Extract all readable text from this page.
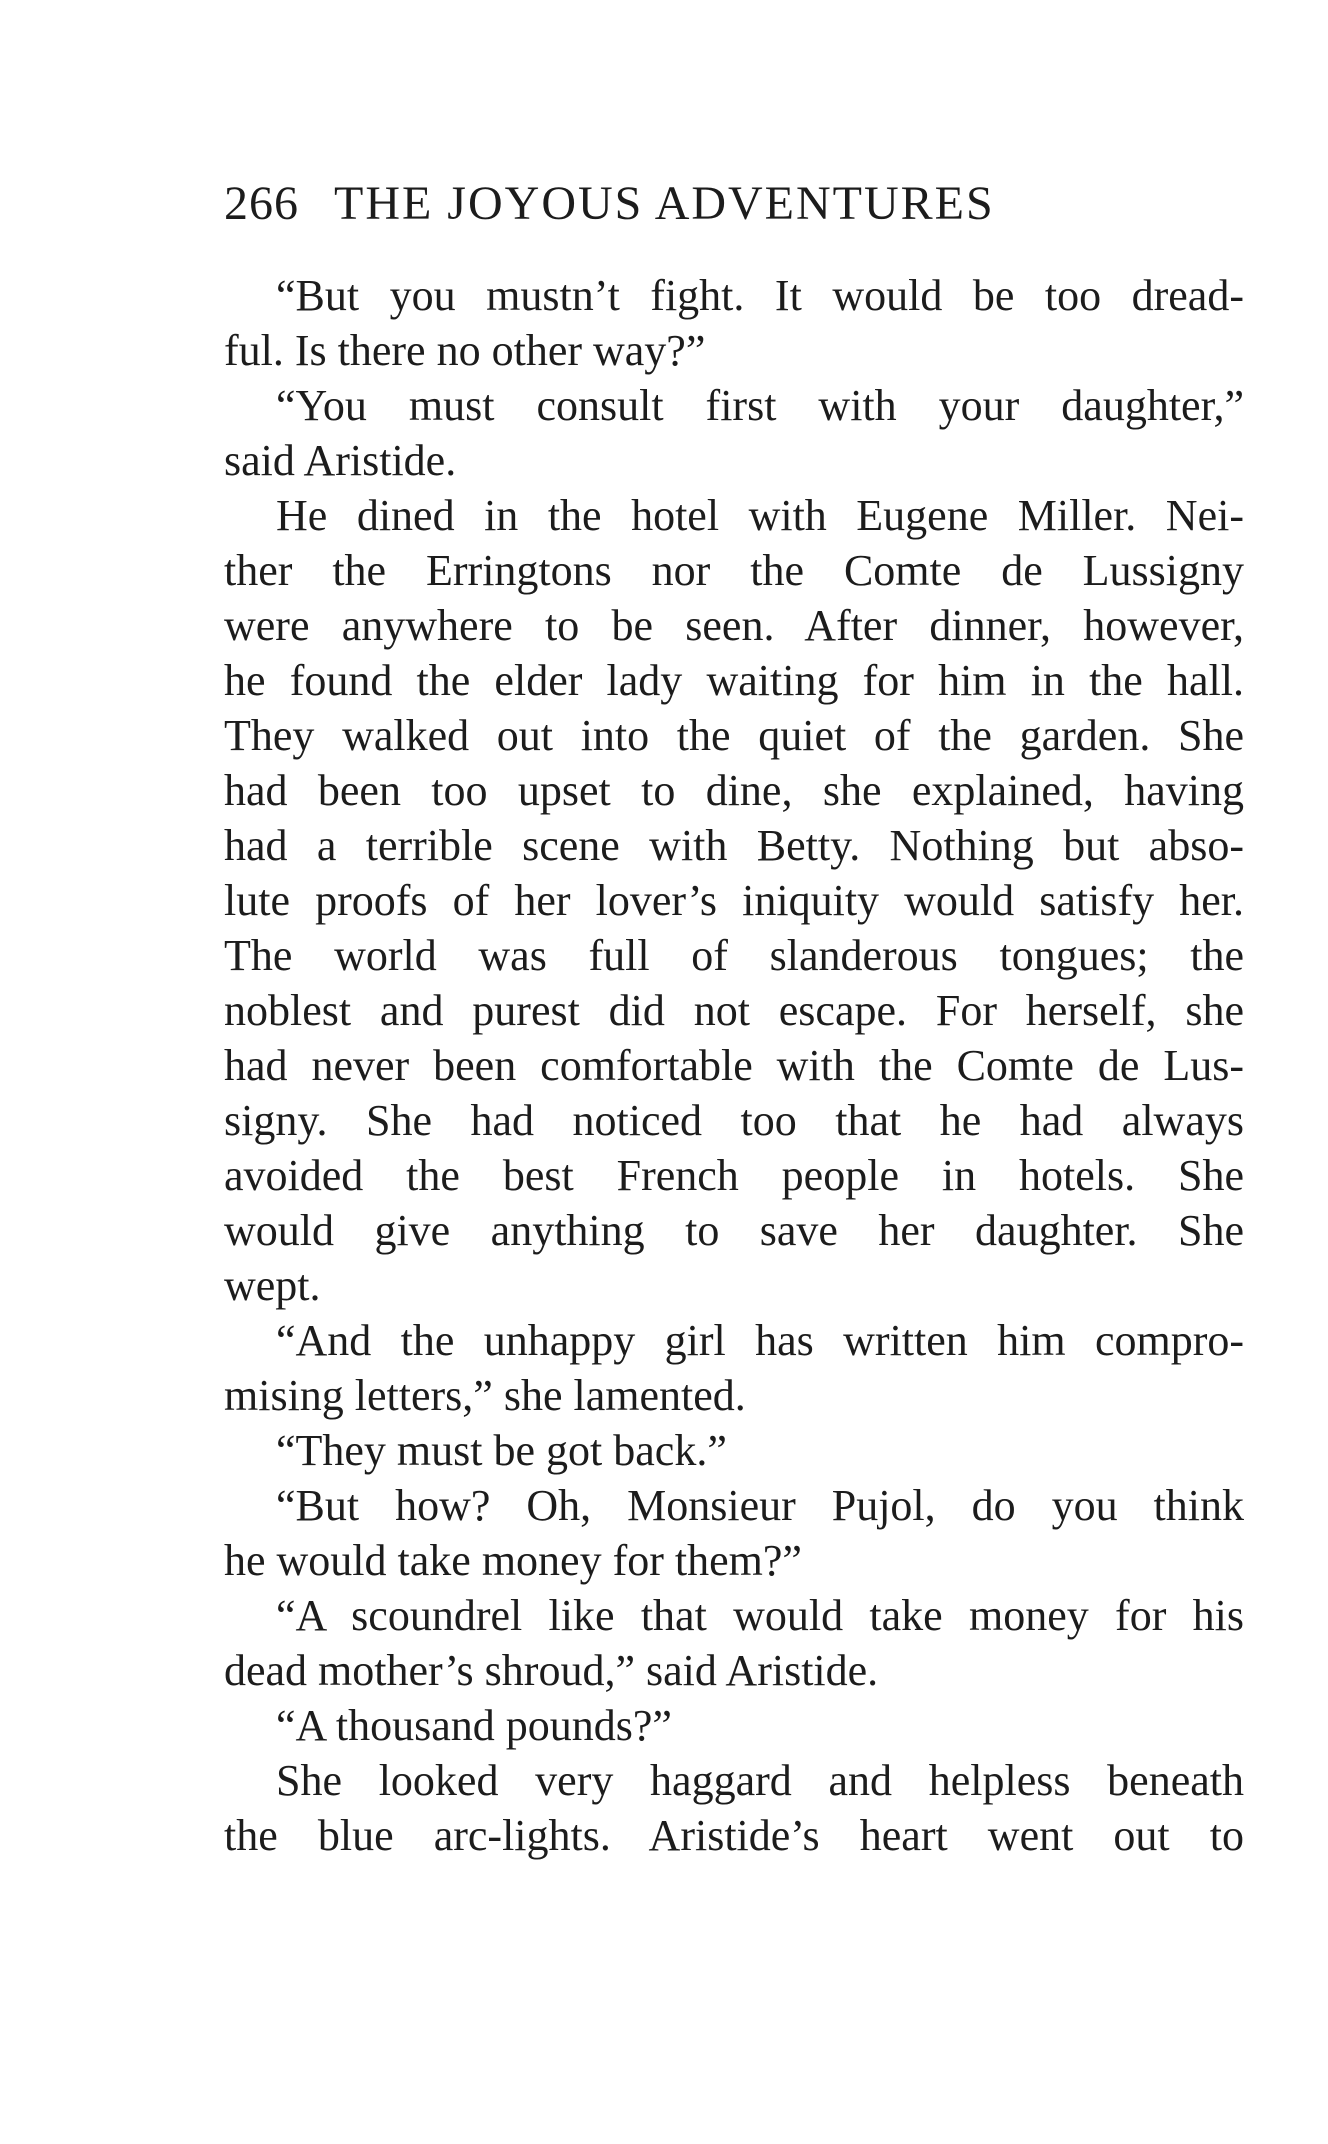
266 THE JOYOUS ADVENTURES
“But you mustn’t fight. It would be too dread-
ful. Is there no other way?”
“You must consult first with your daughter,”
said Aristide.
He dined in the hotel with Eugene Miller. Nei-
ther the Erringtons nor the Comte de Lussigny
were anywhere to be seen. After dinner, however,
he found the elder lady waiting for him in the hall.
They walked out into the quiet of the garden. She
had been too upset to dine, she explained, having
had a terrible scene with Betty. Nothing but abso-
lute proofs of her lover’s iniquity would satisfy her.
The world was full of slanderous tongues; the
noblest and purest did not escape. For herself, she
had never been comfortable with the Comte de Lus-
signy. She had noticed too that he had always
avoided the best French people in hotels. She
would give anything to save her daughter. She
wept.
“And the unhappy girl has written him compro-
mising letters,” she lamented.
“They must be got back.”
“But how? Oh, Monsieur Pujol, do you think
he would take money for them?”
“A scoundrel like that would take money for his
dead mother’s shroud,” said Aristide.
“A thousand pounds?”
She looked very haggard and helpless beneath
the blue arc-lights. Aristide’s heart went out to
